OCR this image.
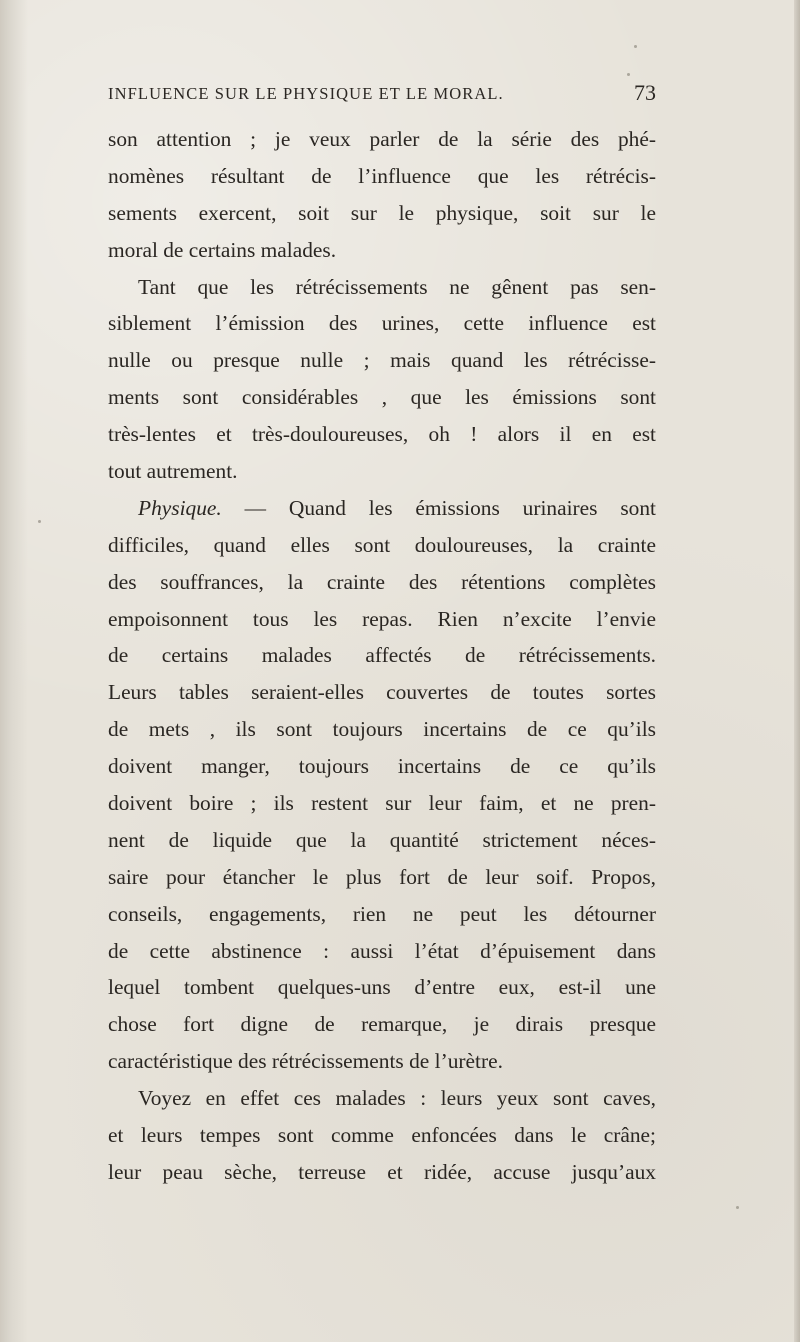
INFLUENCE SUR LE PHYSIQUE ET LE MORAL.	73
son attention ; je veux parler de la série des phé-
nomènes résultant de l’influence que les rétrécis-
sements exercent, soit sur le physique, soit sur le
moral de certains malades.
Tant que les rétrécissements ne gênent pas sen-
siblement l’émission des urines, cette influence est
nulle ou presque nulle ; mais quand les rétrécisse-
ments sont considérables , que les émissions sont
très-lentes et très-douloureuses, oh ! alors il en est
tout autrement.
Physique. — Quand les émissions urinaires sont
difficiles, quand elles sont douloureuses, la crainte
des souffrances, la crainte des rétentions complètes
empoisonnent tous les repas. Rien n’excite l’envie
de certains malades affectés de rétrécissements.
Leurs tables seraient-elles couvertes de toutes sortes
de mets , ils sont toujours incertains de ce qu’ils
doivent manger, toujours incertains de ce qu’ils
doivent boire ; ils restent sur leur faim, et ne pren-
nent de liquide que la quantité strictement néces-
saire pour étancher le plus fort de leur soif. Propos,
conseils, engagements, rien ne peut les détourner
de cette abstinence : aussi l’état d’épuisement dans
lequel tombent quelques-uns d’entre eux, est-il une
chose fort digne de remarque, je dirais presque
caractéristique des rétrécissements de l’urètre.
Voyez en effet ces malades : leurs yeux sont caves,
et leurs tempes sont comme enfoncées dans le crâne;
leur peau sèche, terreuse et ridée, accuse jusqu’aux
